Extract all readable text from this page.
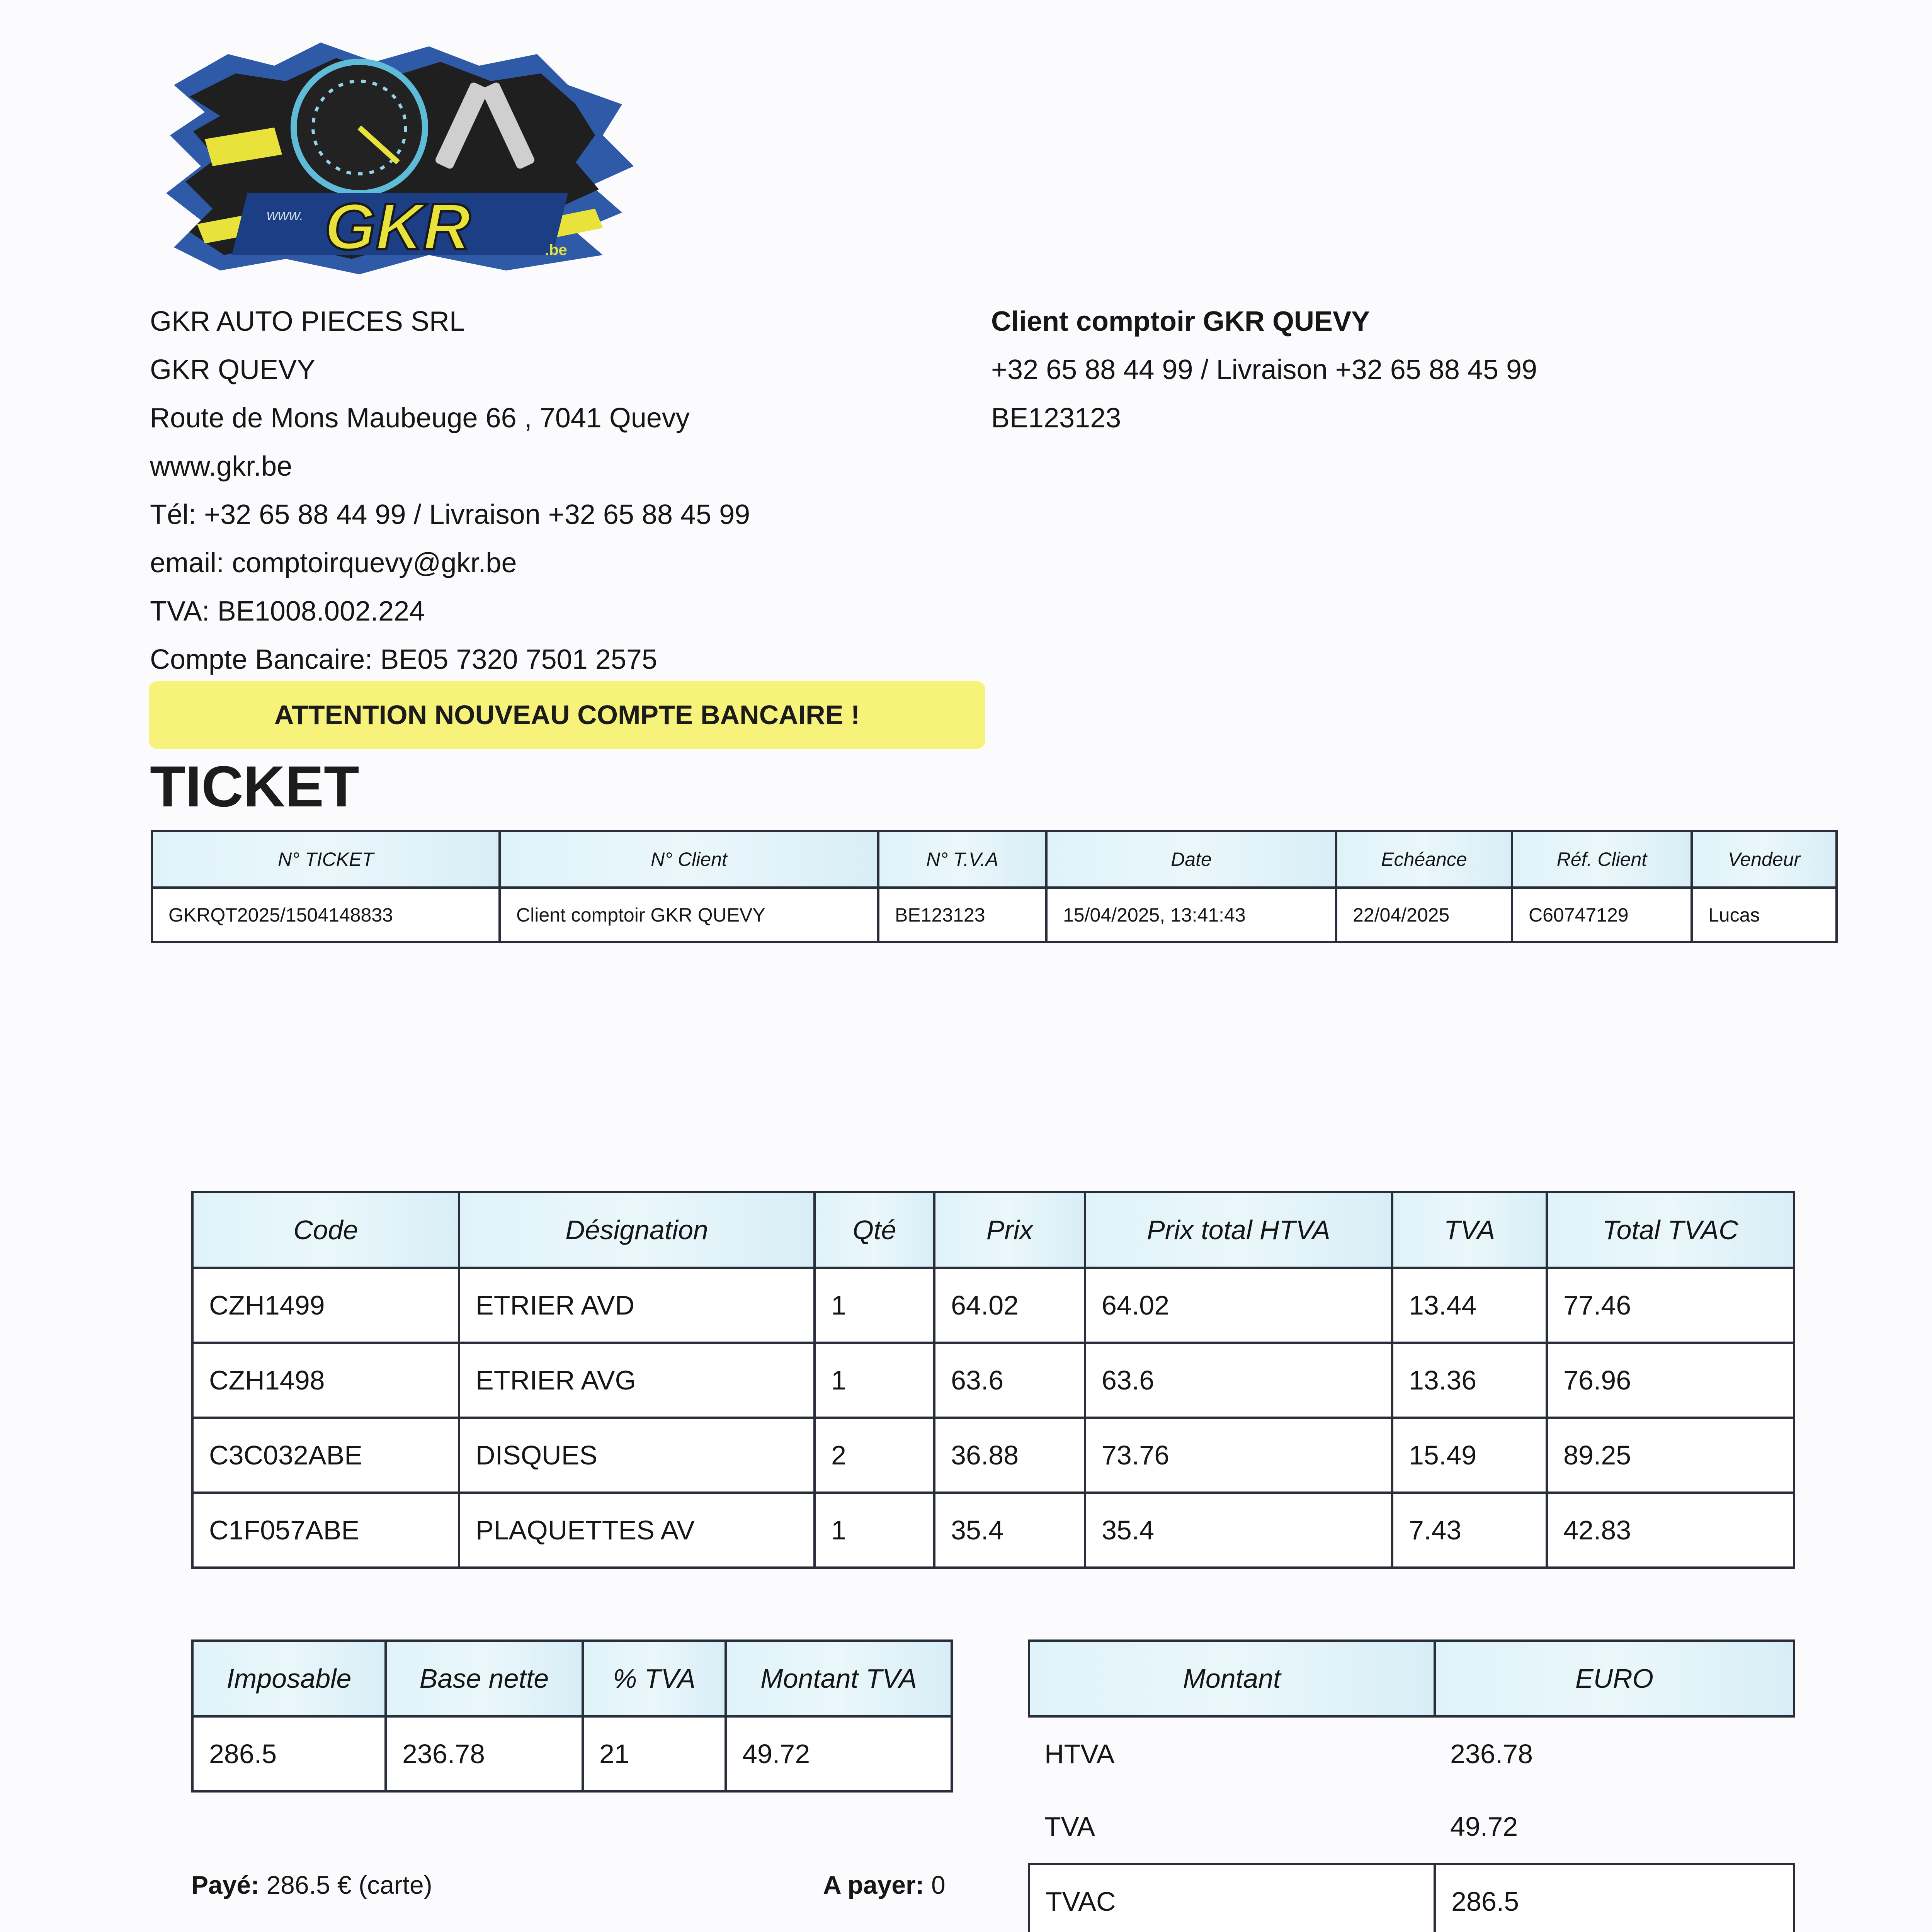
GKR	.be
www.
GKR AUTO PIECES SRL
GKR QUEVY
Route de Mons Maubeuge 66 , 7041 Quevy
www.gkr.be
Tél: +32 65 88 44 99 / Livraison +32 65 88 45 99
email: comptoirquevy@gkr.be
TVA: BE1008.002.224
Compte Bancaire: BE05 7320 7501 2575
Client comptoir GKR QUEVY
+32 65 88 44 99 / Livraison +32 65 88 45 99
BE123123
ATTENTION NOUVEAU COMPTE BANCAIRE !
TICKET
N° TICKET	N° Client	N° T.V.A	Date	Echéance	Réf. Client	Vendeur
GKRQT2025/1504148833	Client comptoir GKR QUEVY	BE123123	15/04/2025, 13:41:43	22/04/2025	C60747129	Lucas
Code	Désignation	Qté	Prix	Prix total HTVA	TVA	Total TVAC
CZH1499	ETRIER AVD	1	64.02	64.02	13.44	77.46
CZH1498	ETRIER AVG	1	63.6	63.6	13.36	76.96
C3C032ABE	DISQUES	2	36.88	73.76	15.49	89.25
C1F057ABE	PLAQUETTES AV	1	35.4	35.4	7.43	42.83
Imposable	Base nette	% TVA	Montant TVA
286.5	236.78	21	49.72
Montant	EURO
HTVA	236.78
TVA	49.72
TVAC	286.5
Payé: 286.5 € (carte)	A payer: 0
